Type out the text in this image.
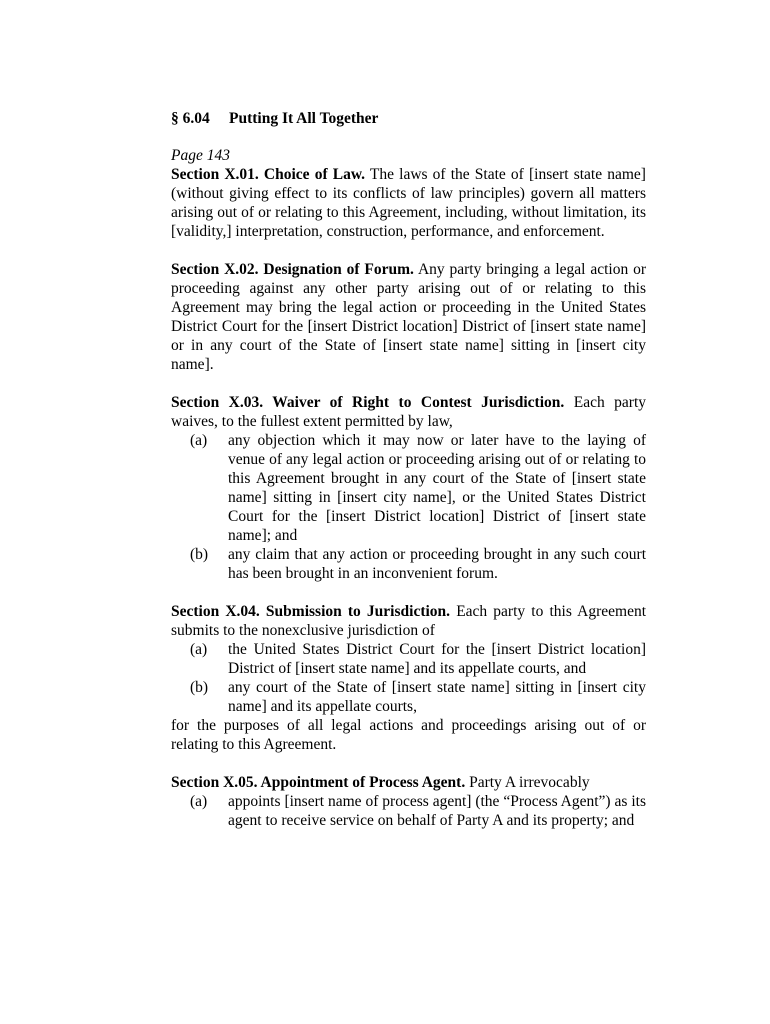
§ 6.04 Putting It All Together
Page 143

Section X.01. Choice of Law. The laws of the State of [insert state name] (without giving effect to its conflicts of law principles) govern all matters arising out of or relating to this Agreement, including, without limitation, its [validity,] interpretation, construction, performance, and enforcement.

Section X.02. Designation of Forum. Any party bringing a legal action or proceeding against any other party arising out of or relating to this Agreement may bring the legal action or proceeding in the United States District Court for the [insert District location] District of [insert state name] or in any court of the State of [insert state name] sitting in [insert city name].

Section X.03. Waiver of Right to Contest Jurisdiction. Each party waives, to the fullest extent permitted by law,

(a) any objection which it may now or later have to the laying of venue of any legal action or proceeding arising out of or relating to this Agreement brought in any court of the State of [insert state name] sitting in [insert city name], or the United States District Court for the [insert District location] District of [insert state name]; and
(b) any claim that any action or proceeding brought in any such court has been brought in an inconvenient forum.

Section X.04. Submission to Jurisdiction. Each party to this Agreement submits to the nonexclusive jurisdiction of

(a) the United States District Court for the [insert District location] District of [insert state name] and its appellate courts, and
(b) any court of the State of [insert state name] sitting in [insert city name] and its appellate courts,

for the purposes of all legal actions and proceedings arising out of or relating to this Agreement.

Section X.05. Appointment of Process Agent. Party A irrevocably

(a) appoints [insert name of process agent] (the “Process Agent”) as its agent to receive service on behalf of Party A and its property; and
